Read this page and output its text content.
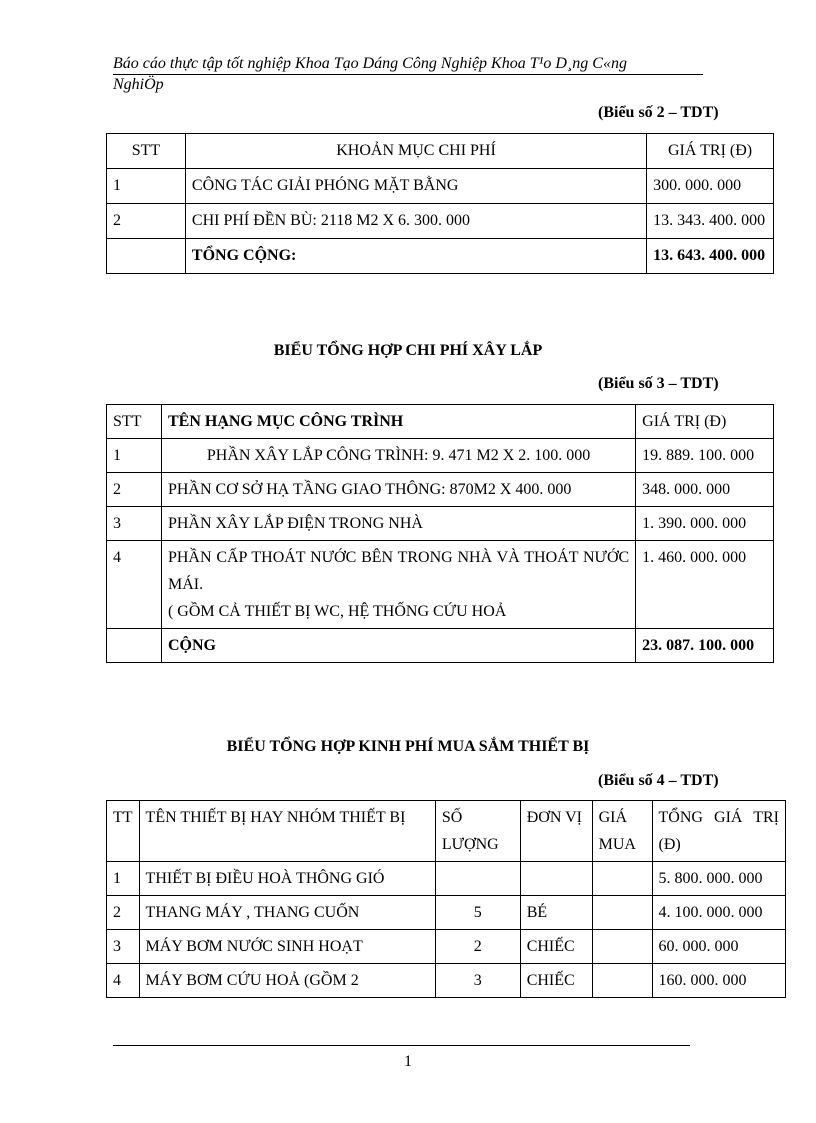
Báo cáo thực tập tốt nghiệp Khoa Tạo Dáng Công Nghiệp Khoa T¹o D¸ng C«ng
NghiÖp
(Biểu số 2 – TDT)
STT	KHOẢN MỤC CHI PHÍ	GIÁ TRỊ (Đ)
1	CÔNG TÁC GIẢI PHÓNG MẶT BẰNG	300. 000. 000
2	CHI PHÍ ĐỀN BÙ: 2118 M2 X 6. 300. 000	13. 343. 400. 000
	TỔNG CỘNG:	13. 643. 400. 000
BIỂU TỔNG HỢP CHI PHÍ XÂY LẮP
(Biểu số 3 – TDT)
STT	TÊN HẠNG MỤC CÔNG TRÌNH	GIÁ TRỊ (Đ)
1	PHẦN XÂY LẮP CÔNG TRÌNH: 9. 471 M2 X 2. 100. 000	19. 889. 100. 000
2	PHẦN CƠ SỞ HẠ TẦNG GIAO THÔNG: 870M2 X 400. 000	348. 000. 000
3	PHẦN XÂY LẮP ĐIỆN TRONG NHÀ	1. 390. 000. 000
4	PHẦN CẤP THOÁT NƯỚC BÊN TRONG NHÀ VÀ THOÁT NƯỚC MÁI.
( GỒM CẢ THIẾT BỊ WC, HỆ THỐNG CỨU HOẢ	1. 460. 000. 000
	CỘNG	23. 087. 100. 000
BIỂU TỔNG HỢP KINH PHÍ MUA SẮM THIẾT BỊ
(Biểu số 4 – TDT)
TT	TÊN THIẾT BỊ HAY NHÓM THIẾT BỊ	SỐ LƯỢNG	ĐƠN VỊ	GIÁ MUA	TỔNG GIÁ TRỊ (Đ)
1	THIẾT BỊ ĐIỀU HOÀ THÔNG GIÓ				5. 800. 000. 000
2	THANG MÁY , THANG CUỐN	5	BÉ		4. 100. 000. 000
3	MÁY BƠM NƯỚC SINH HOẠT	2	CHIẾC		60. 000. 000
4	MÁY BƠM CỨU HOẢ (GỒM 2	3	CHIẾC		160. 000. 000
1
